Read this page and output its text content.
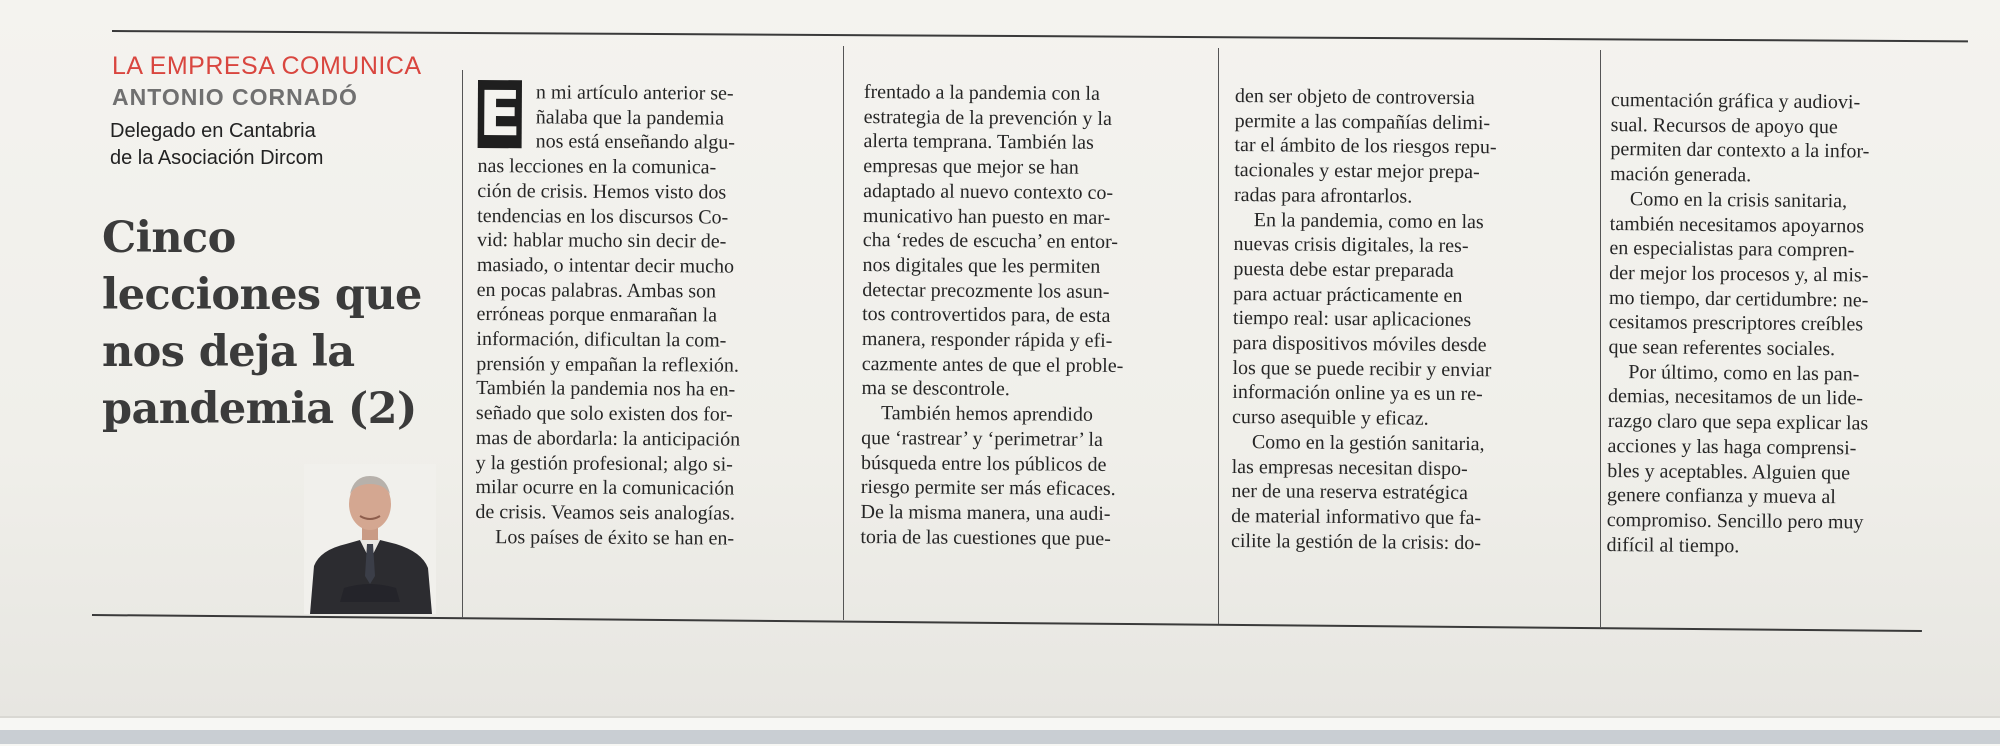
LA EMPRESA COMUNICA

ANTONIO CORNADÓ

Delegado en Cantabria
de la Asociación Dircom

Cinco
lecciones que
nos deja la
pandemia (2)
E n mi artículo anterior se-
ñalaba que la pandemia
nos está enseñando algu-
nas lecciones en la comunica-
ción de crisis. Hemos visto dos
tendencias en los discursos Co-
vid: hablar mucho sin decir de-
masiado, o intentar decir mucho
en pocas palabras. Ambas son
erróneas porque enmarañan la
información, dificultan la com-
prensión y empañan la reflexión.
También la pandemia nos ha en-
señado que solo existen dos for-
mas de abordarla: la anticipación
y la gestión profesional; algo si-
milar ocurre en la comunicación
de crisis. Veamos seis analogías.
Los países de éxito se han en-
frentado a la pandemia con la
estrategia de la prevención y la
alerta temprana. También las
empresas que mejor se han
adaptado al nuevo contexto co-
municativo han puesto en mar-
cha ‘redes de escucha’ en entor-
nos digitales que les permiten
detectar precozmente los asun-
tos controvertidos para, de esta
manera, responder rápida y efi-
cazmente antes de que el proble-
ma se descontrole.
También hemos aprendido
que ‘rastrear’ y ‘perimetrar’ la
búsqueda entre los públicos de
riesgo permite ser más eficaces.
De la misma manera, una audi-
toria de las cuestiones que pue-
den ser objeto de controversia
permite a las compañías delimi-
tar el ámbito de los riesgos repu-
tacionales y estar mejor prepa-
radas para afrontarlos.
En la pandemia, como en las
nuevas crisis digitales, la res-
puesta debe estar preparada
para actuar prácticamente en
tiempo real: usar aplicaciones
para dispositivos móviles desde
los que se puede recibir y enviar
información online ya es un re-
curso asequible y eficaz.
Como en la gestión sanitaria,
las empresas necesitan dispo-
ner de una reserva estratégica
de material informativo que fa-
cilite la gestión de la crisis: do-
cumentación gráfica y audiovi-
sual. Recursos de apoyo que
permiten dar contexto a la infor-
mación generada.
Como en la crisis sanitaria,
también necesitamos apoyarnos
en especialistas para compren-
der mejor los procesos y, al mis-
mo tiempo, dar certidumbre: ne-
cesitamos prescriptores creíbles
que sean referentes sociales.
Por último, como en las pan-
demias, necesitamos de un lide-
razgo claro que sepa explicar las
acciones y las haga comprensi-
bles y aceptables. Alguien que
genere confianza y mueva al
compromiso. Sencillo pero muy
difícil al tiempo.
